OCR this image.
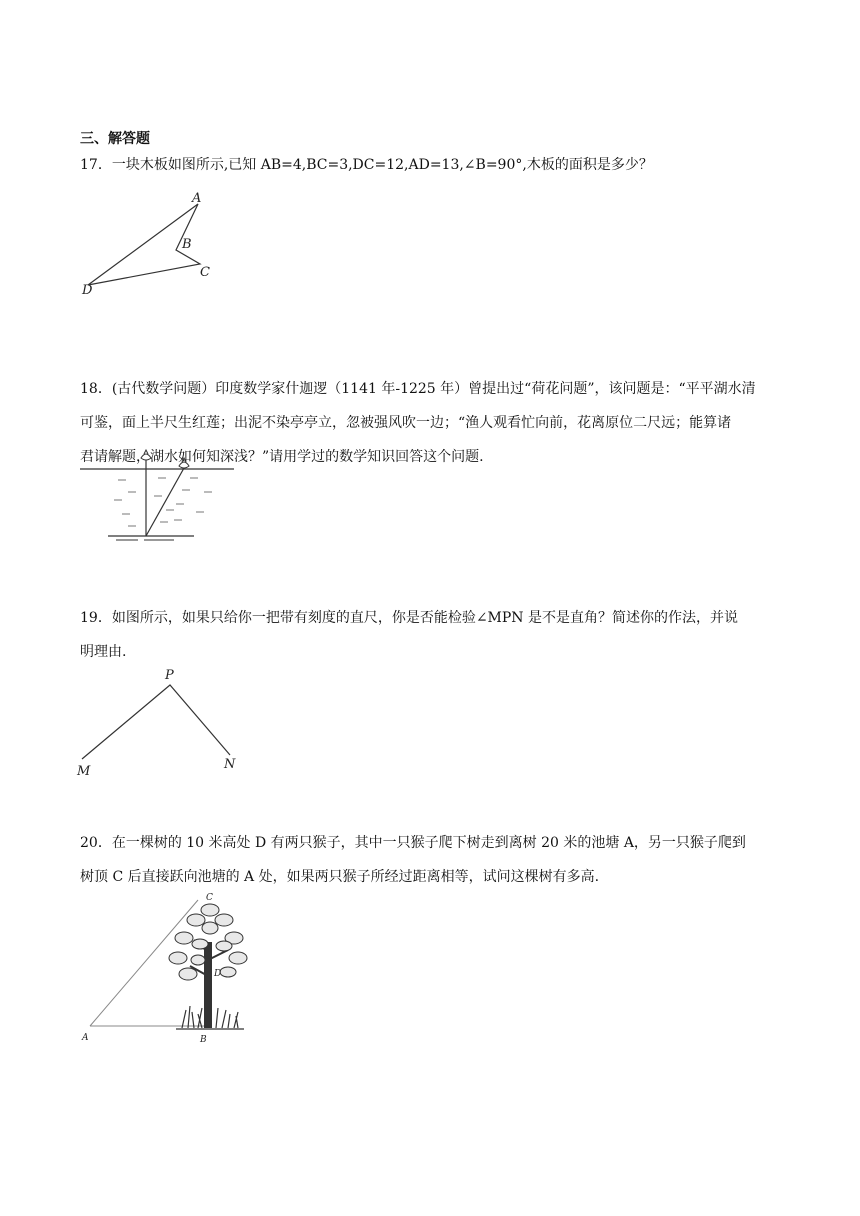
三、解答题

17．一块木板如图所示,已知 AB=4,BC=3,DC=12,AD=13,∠B=90°,木板的面积是多少？

A
B
C
D

18．(古代数学问题）印度数学家什迦逻（1141 年-1225 年）曾提出过“荷花问题”，该问题是：“平平湖水清

可鉴，面上半尺生红莲；出泥不染亭亭立，忽被强风吹一边；“渔人观看忙向前，花离原位二尺远；能算诸

君请解题，湖水如何知深浅？”请用学过的数学知识回答这个问题.

19．如图所示，如果只给你一把带有刻度的直尺，你是否能检验∠MPN 是不是直角？简述你的作法，并说

明理由.

P
M	N

20．在一棵树的 10 米高处 D 有两只猴子，其中一只猴子爬下树走到离树 20 米的池塘 A，另一只猴子爬到

树顶 C 后直接跃向池塘的 A 处，如果两只猴子所经过距离相等，试问这棵树有多高.

C
D
A	B
